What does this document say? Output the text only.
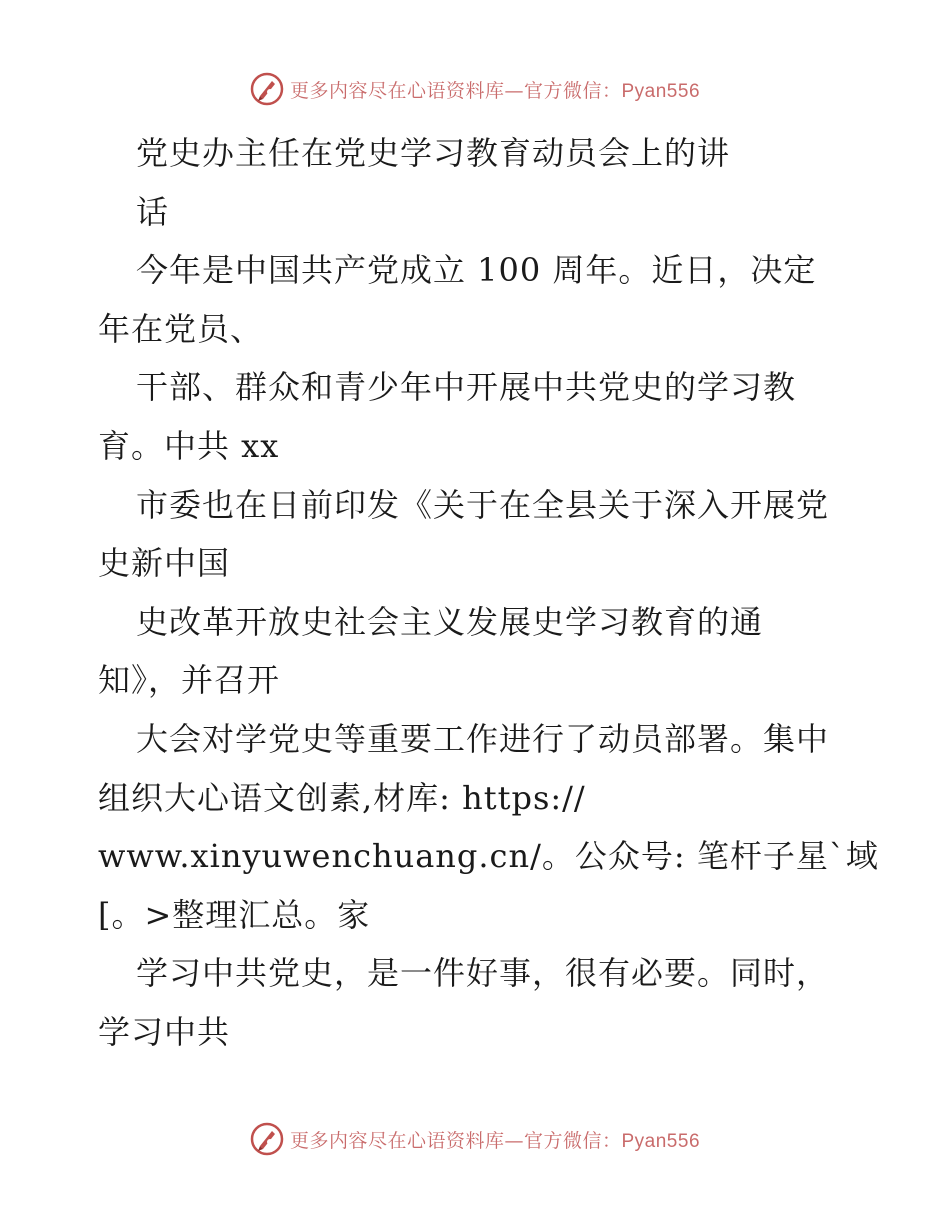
更多内容尽在心语资料库—官方微信：Pyan556
党史办主任在党史学习教育动员会上的讲
话
今年是中国共产党成立 100 周年。近日，决定
年在党员、
干部、群众和青少年中开展中共党史的学习教
育。中共 xx
市委也在日前印发《关于在全县关于深入开展党
史新中国
史改革开放史社会主义发展史学习教育的通
知》，并召开
大会对学党史等重要工作进行了动员部署。集中
组织大心语文创素,材库: https://
www.xinyuwenchuang.cn/。公众号: 笔杆子星`域
[。>整理汇总。家
学习中共党史，是一件好事，很有必要。同时，
学习中共
更多内容尽在心语资料库—官方微信：Pyan556
